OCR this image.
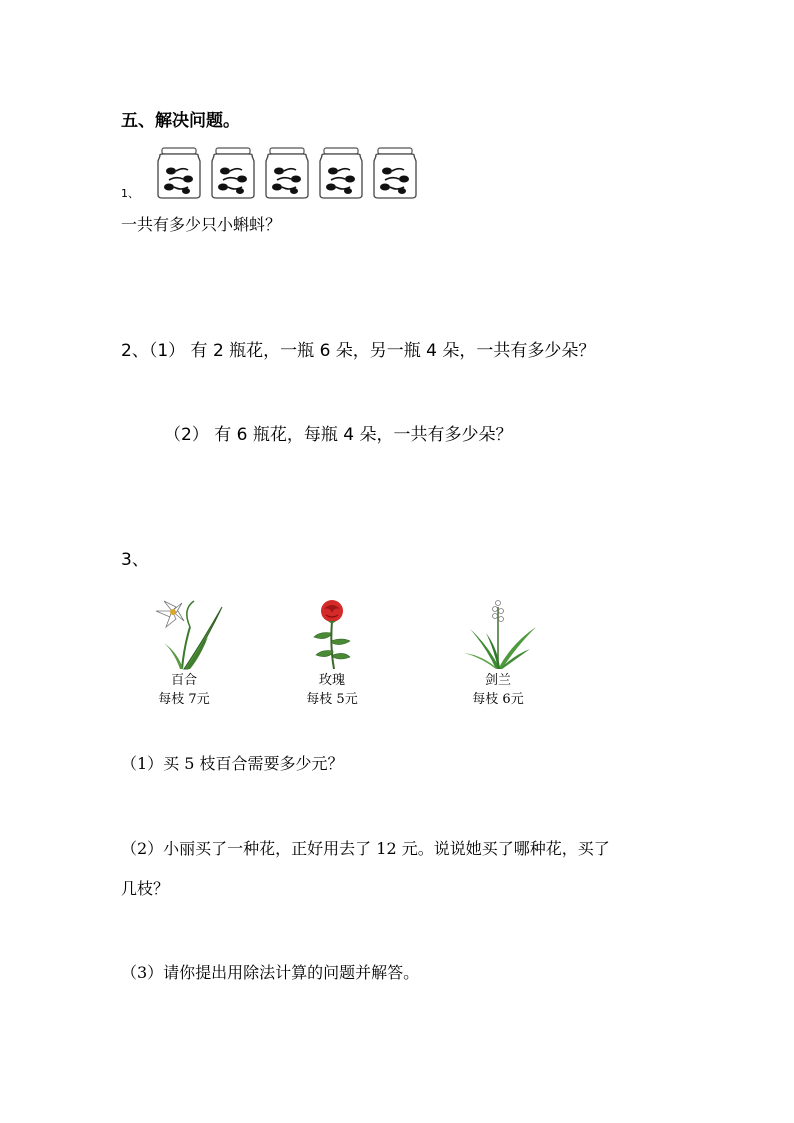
五、解决问题。
1、
一共有多少只小蝌蚪？
2、（1） 有 2 瓶花，一瓶 6 朵，另一瓶 4 朵，一共有多少朵？
（2） 有 6 瓶花，每瓶 4 朵，一共有多少朵？
3、
百合
每枝 7元
玫瑰
每枝 5元
剑兰
每枝 6元
（1）买 5 枝百合需要多少元？
（2）小丽买了一种花，正好用去了 12 元。说说她买了哪种花，买了
几枝？
（3）请你提出用除法计算的问题并解答。
